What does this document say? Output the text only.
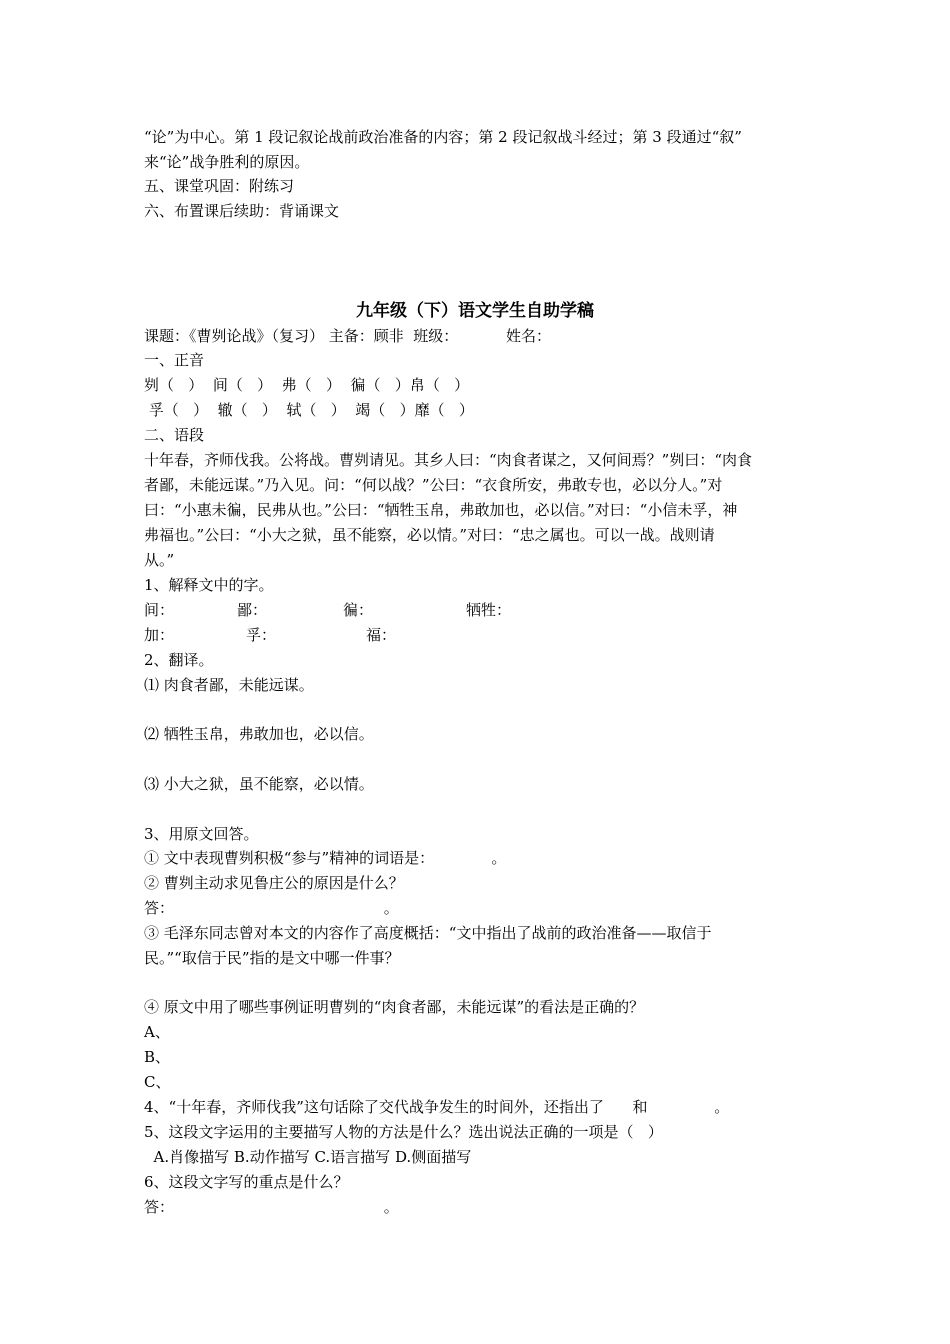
“论”为中心。第 1 段记叙论战前政治准备的内容；第 2 段记叙战斗经过；第 3 段通过“叙”
来“论”战争胜利的原因。
五、课堂巩固：附练习
六、布置课后续助：背诵课文
九年级（下）语文学生自助学稿
课题：《曹刿论战》（复习） 主备：顾非  班级：          姓名：
一、正音
刿（   ）  间（   ）  弗（   ）  徧（   ）帛（   ）
孚（   ）  辙（   ）  轼（   ）  竭（   ）靡（   ）
二、语段
十年春，齐师伐我。公将战。曹刿请见。其乡人曰：“肉食者谋之，又何间焉？”刿曰：“肉食
者鄙，未能远谋。”乃入见。问：“何以战？”公曰：“衣食所安，弗敢专也，必以分人。”对
曰：“小惠未徧，民弗从也。”公曰：“牺牲玉帛，弗敢加也，必以信。”对曰：“小信未孚，神
弗福也。”公曰：“小大之狱，虽不能察，必以情。”对曰：“忠之属也。可以一战。战则请
从。”
1、解释文中的字。
间：	鄙：	徧：	牺牲：
加：	孚：	福：
2、翻译。
⑴ 肉食者鄙，未能远谋。
⑵ 牺牲玉帛，弗敢加也，必以信。
⑶ 小大之狱，虽不能察，必以情。
3、用原文回答。
① 文中表现曹刿积极“参与”精神的词语是：            。
② 曹刿主动求见鲁庄公的原因是什么？
答：                                            。
③ 毛泽东同志曾对本文的内容作了高度概括：“文中指出了战前的政治准备——取信于
民。”“取信于民”指的是文中哪一件事？
④ 原文中用了哪些事例证明曹刿的“肉食者鄙，未能远谋”的看法是正确的？
A、
B、
C、
4、“十年春，齐师伐我”这句话除了交代战争发生的时间外，还指出了      和              。
5、这段文字运用的主要描写人物的方法是什么？选出说法正确的一项是（   ）
A.肖像描写 B.动作描写 C.语言描写 D.侧面描写
6、这段文字写的重点是什么？
答：                                            。
